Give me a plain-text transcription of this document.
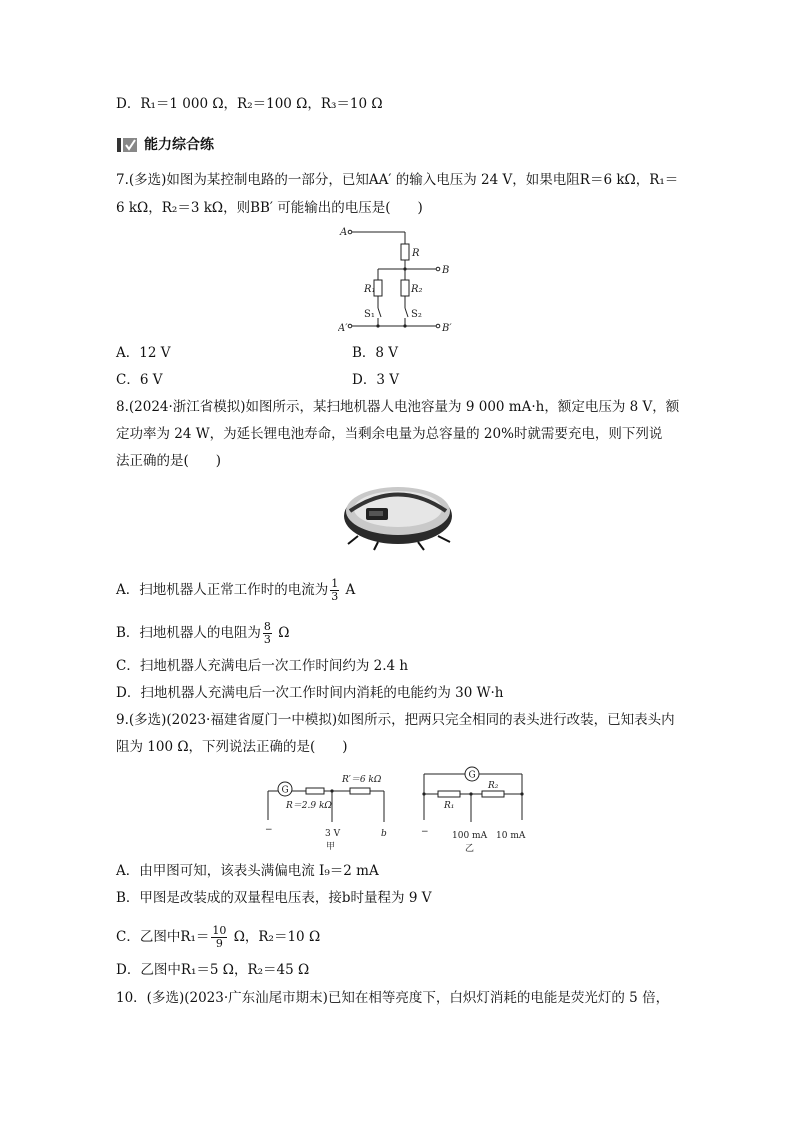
D．R₁＝1 000 Ω，R₂＝100 Ω，R₃＝10 Ω
能力综合练
7.(多选)如图为某控制电路的一部分，已知AA′ 的输入电压为 24 V，如果电阻R＝6 kΩ，R₁＝
6 kΩ，R₂＝3 kΩ，则BB′ 可能输出的电压是(　　)
A
B
A′	B′
R
R₁	R₂
S₁	S₂
A．12 V	B．8 V
C．6 V	D．3 V
8.(2024·浙江省模拟)如图所示，某扫地机器人电池容量为 9 000 mA·h，额定电压为 8 V，额
定功率为 24 W，为延长锂电池寿命，当剩余电量为总容量的 20%时就需要充电，则下列说
法正确的是(　　)
A．扫地机器人正常工作时的电流为 $\frac{1}{3}$ A
B．扫地机器人的电阻为 $\frac{8}{3}$ Ω
C．扫地机器人充满电后一次工作时间约为 2.4 h
D．扫地机器人充满电后一次工作时间内消耗的电能约为 30 W·h
9.(多选)(2023·福建省厦门一中模拟)如图所示，把两只完全相同的表头进行改装，已知表头内
阻为 100 Ω，下列说法正确的是(　　)
G
R＝2.9 kΩ
R′＝6 kΩ
−	3 V	b
甲
G
R₁
R₂
−	100 mA 10 mA
乙
A．由甲图可知，该表头满偏电流 I₉＝2 mA
B．甲图是改装成的双量程电压表，接b时量程为 9 V
C．乙图中$R_1= \frac{10}{9}$ Ω，R₂＝10 Ω
D．乙图中R₁＝5 Ω，R₂＝45 Ω
10．(多选)(2023·广东汕尾市期末)已知在相等亮度下，白炽灯消耗的电能是荧光灯的 5 倍，
